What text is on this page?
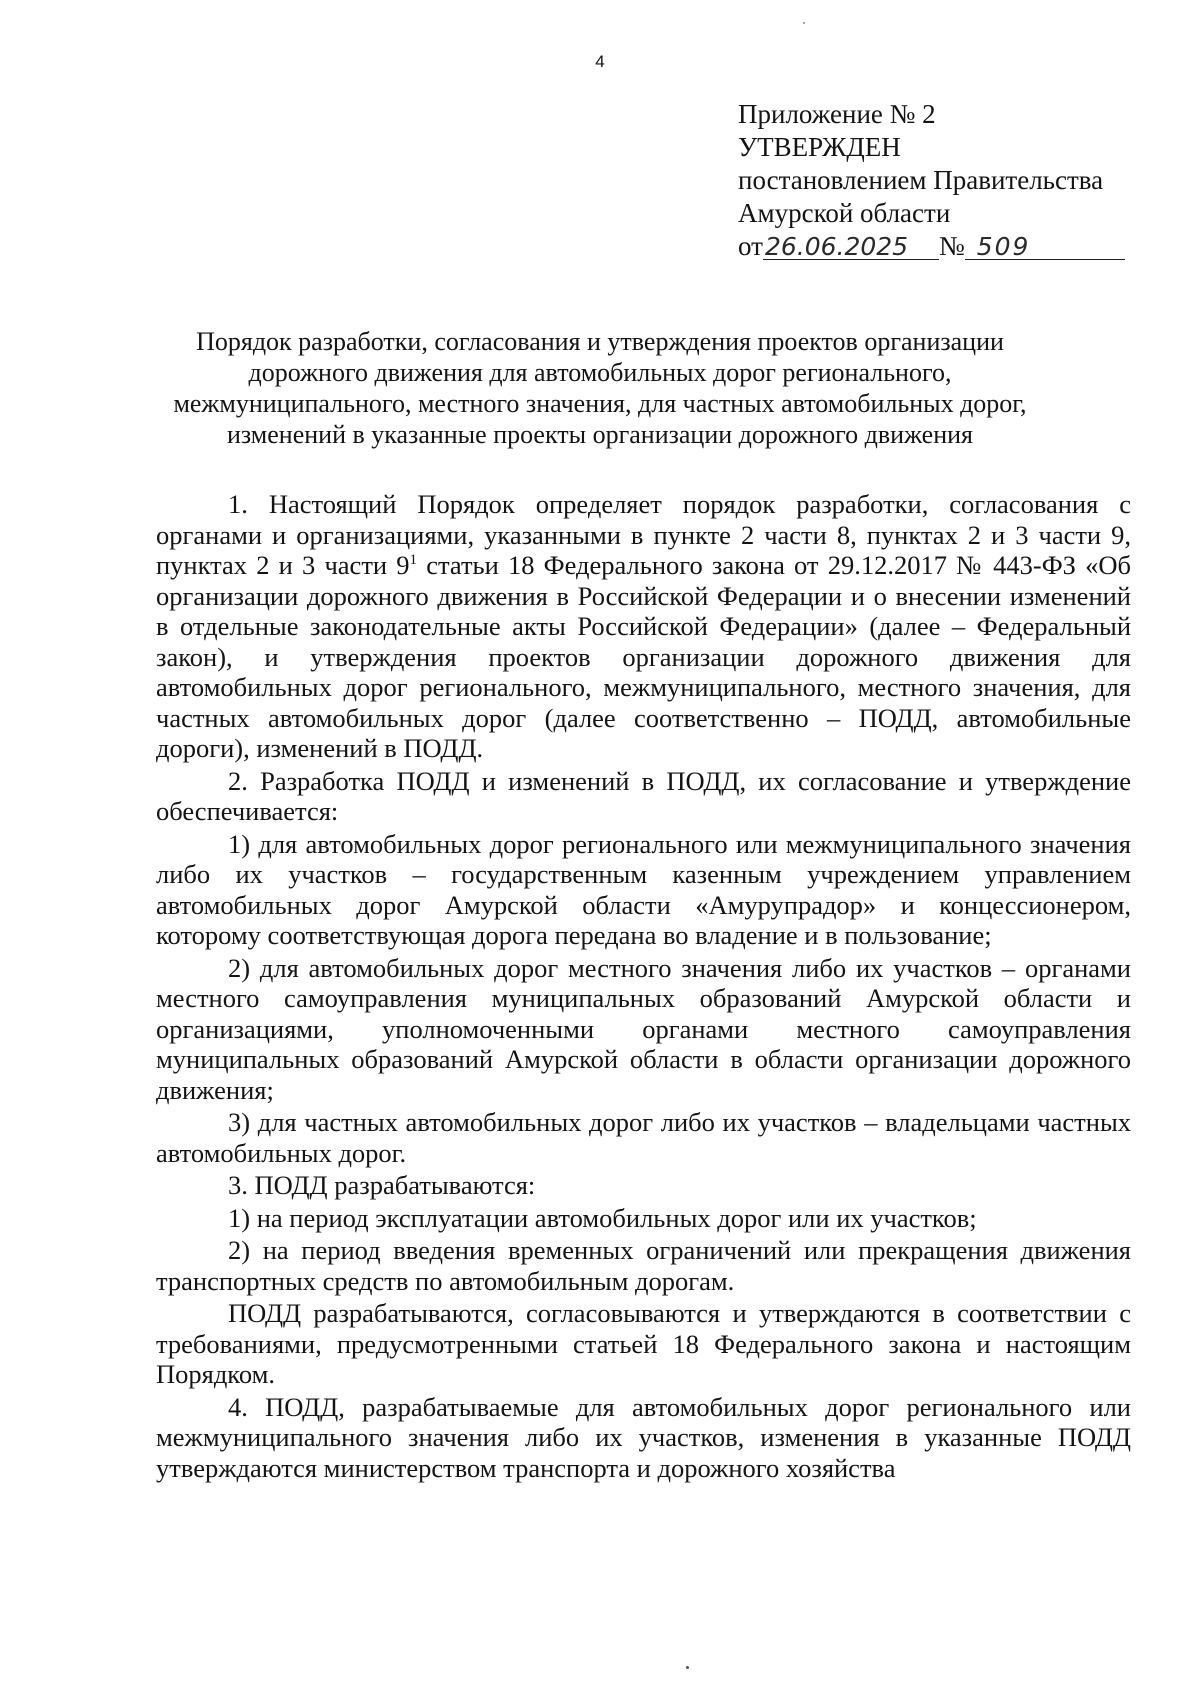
4
Приложение № 2
УТВЕРЖДЕН
постановлением Правительства
Амурской области
от26.06.2025 № 509
Порядок разработки, согласования и утверждения проектов организации
дорожного движения для автомобильных дорог регионального,
межмуниципального, местного значения, для частных автомобильных дорог,
изменений в указанные проекты организации дорожного движения

1. Настоящий Порядок определяет порядок разработки, согласования с органами и организациями, указанными в пункте 2 части 8, пунктах 2 и 3 части 9, пунктах 2 и 3 части $9^1$ статьи 18 Федерального закона от 29.12.2017 № 443-ФЗ «Об организации дорожного движения в Российской Федерации и о внесении изменений в отдельные законодательные акты Российской Федерации» (далее – Федеральный закон), и утверждения проектов организации дорожного движения для автомобильных дорог регионального, межмуниципального, местного значения, для частных автомобильных дорог (далее соответственно – ПОДД, автомобильные дороги), изменений в ПОДД.

2. Разработка ПОДД и изменений в ПОДД, их согласование и утверждение обеспечивается:

1) для автомобильных дорог регионального или межмуниципального значения либо их участков – государственным казенным учреждением управлением автомобильных дорог Амурской области «Амурупрадор» и концессионером, которому соответствующая дорога передана во владение и в пользование;

2) для автомобильных дорог местного значения либо их участков – органами местного самоуправления муниципальных образований Амурской области и организациями, уполномоченными органами местного самоуправления муниципальных образований Амурской области в области организации дорожного движения;

3) для частных автомобильных дорог либо их участков – владельцами частных автомобильных дорог.

3. ПОДД разрабатываются:

1) на период эксплуатации автомобильных дорог или их участков;

2) на период введения временных ограничений или прекращения движения транспортных средств по автомобильным дорогам.

ПОДД разрабатываются, согласовываются и утверждаются в соответствии с требованиями, предусмотренными статьей 18 Федерального закона и настоящим Порядком.

4. ПОДД, разрабатываемые для автомобильных дорог регионального или межмуниципального значения либо их участков, изменения в указанные ПОДД утверждаются министерством транспорта и дорожного хозяйства
